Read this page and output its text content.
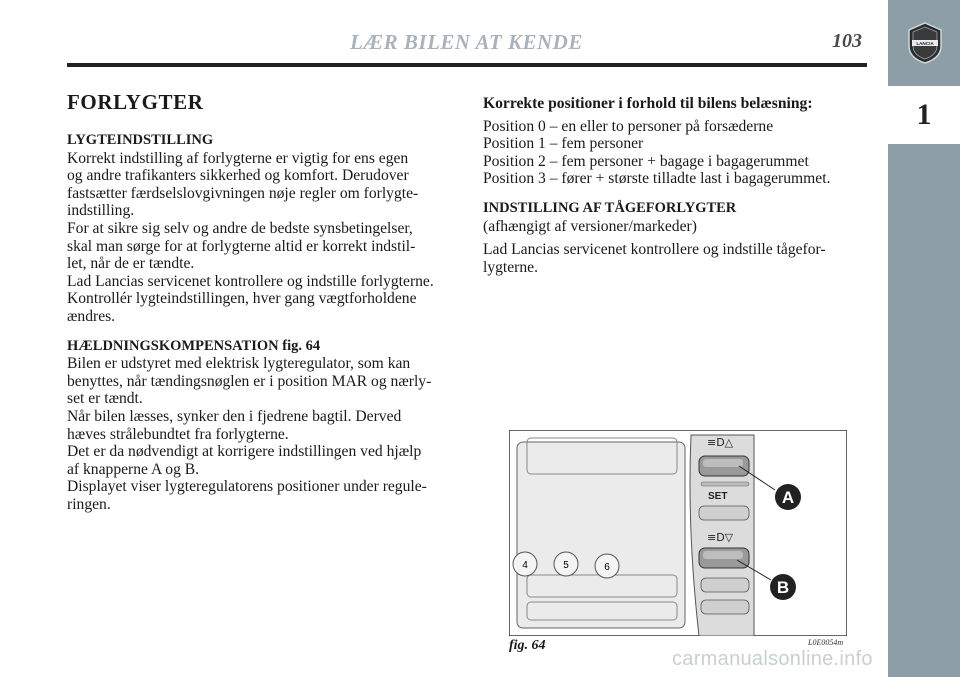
LÆR BILEN AT KENDE	103	LANCIA
1

FORLYGTER

LYGTEINDSTILLING

Korrekt indstilling af forlygterne er vigtig for ens egen

og andre trafikanters sikkerhed og komfort. Derudover

fastsætter færdselslovgivningen nøje regler om forlygte-

indstilling.

For at sikre sig selv og andre de bedste synsbetingelser,

skal man sørge for at forlygterne altid er korrekt indstil-

let, når de er tændte.

Lad Lancias servicenet kontrollere og indstille forlygterne.

Kontrollér lygteindstillingen, hver gang vægtforholdene

ændres.

HÆLDNINGSKOMPENSATION fig. 64

Bilen er udstyret med elektrisk lygteregulator, som kan

benyttes, når tændingsnøglen er i position MAR og nærly-

set er tændt.

Når bilen læsses, synker den i fjedrene bagtil. Derved

hæves strålebundtet fra forlygterne.

Det er da nødvendigt at korrigere indstillingen ved hjælp

af knapperne A og B.

Displayet viser lygteregulatorens positioner under regule-

ringen.

Korrekte positioner i forhold til bilens belæsning:

Position 0 – en eller to personer på forsæderne

Position 1 – fem personer

Position 2 – fem personer + bagage i bagagerummet

Position 3 – fører + største tilladte last i bagagerummet.

INDSTILLING AF TÅGEFORLYGTER

(afhængigt af versioner/markeder)

Lad Lancias servicenet kontrollere og indstille tågefor-

lygterne.

4	5	6
≡D△
SET
≡D▽
A
B
fig. 64	L0E0054m
carmanualsonline.info
